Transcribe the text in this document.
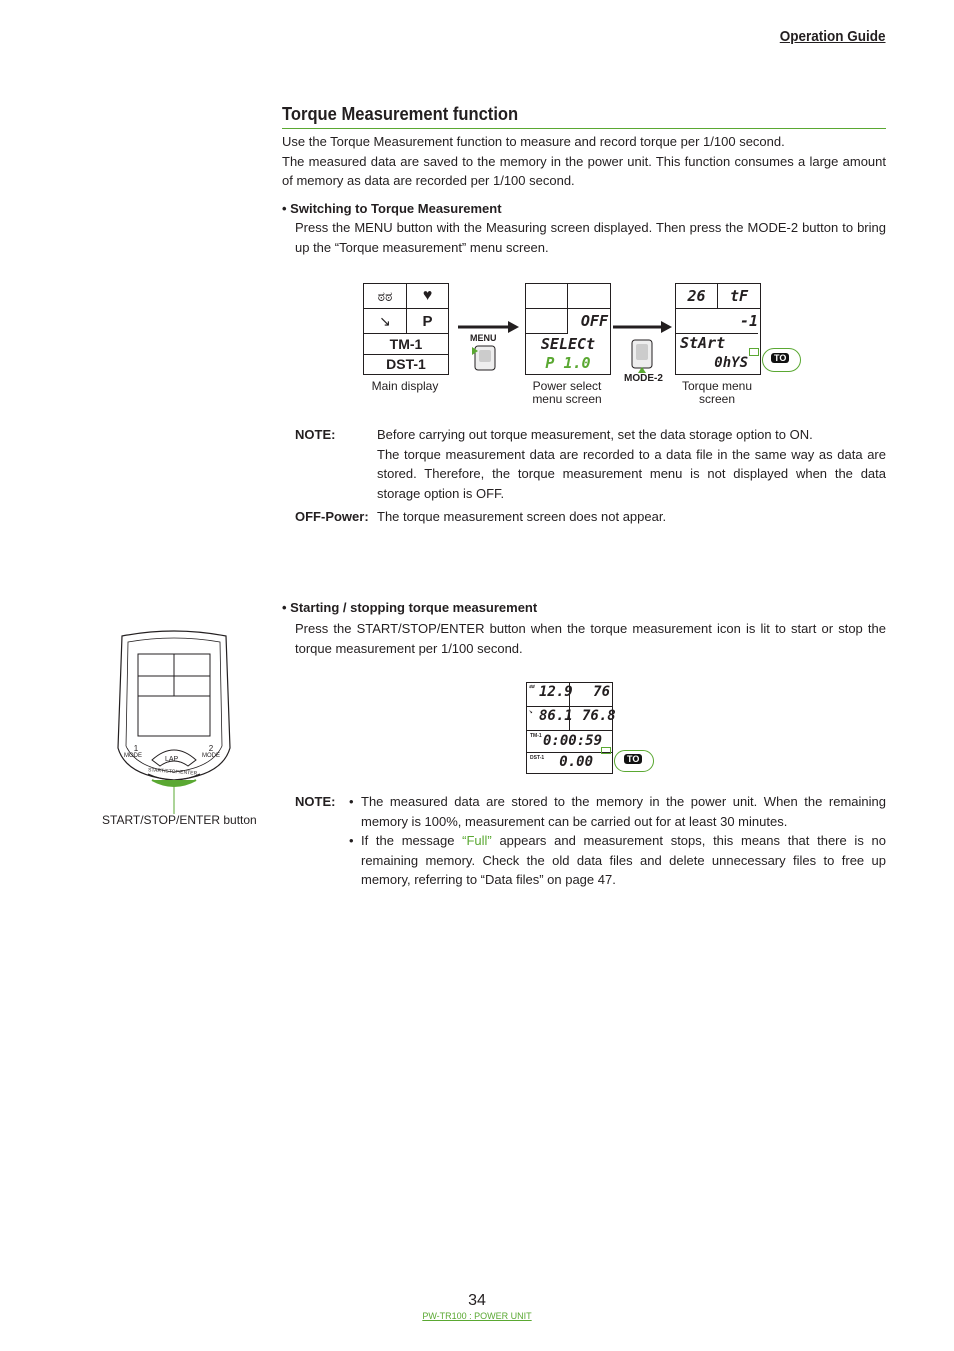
Operation Guide
Torque Measurement function

Use the Torque Measurement function to measure and record torque per 1/100 second.

The measured data are saved to the memory in the power unit. This function consumes a large amount of memory as data are recorded per 1/100 second.

• Switching to Torque Measurement
Press the MENU button with the Measuring screen displayed. Then press the MODE-2 button to bring up the “Torque measurement” menu screen.
ಠಠ	♥
↘	P
TM-1
DST-1
Main display
MENU
OFF
SELECt
P 1.0
Power select
menu screen
MODE-2
26	tF
-1
StArt
0hYS	TO
Torque menu
screen
NOTE:	Before carrying out torque measurement, set the data storage option to ON.
The torque measurement data are recorded to a data file in the same way as data are stored. Therefore, the torque measurement menu is not displayed when the data storage option is OFF.
OFF-Power: The torque measurement screen does not appear.
1
MODE
2
MODE
LAP
START/STOP/ENTER
START/STOP/ENTER button
• Starting / stopping torque measurement
Press the START/STOP/ENTER button when the torque measurement icon is lit to start or stop the torque measurement per 1/100 second.
ಠಠ 12.9	76
↘ 86.1 76.8
TM-1 0:00:59
DST-1	0.00	TO
NOTE:
•	The measured data are stored to the memory in the power unit. When the remaining memory is 100%, measurement can be carried out for at least 30 minutes.
• If the message “Full” appears and measurement stops, this means that there is no remaining memory. Check the old data files and delete unnecessary files to free up memory, referring to “Data files” on page 47.
34
PW-TR100 : POWER UNIT
